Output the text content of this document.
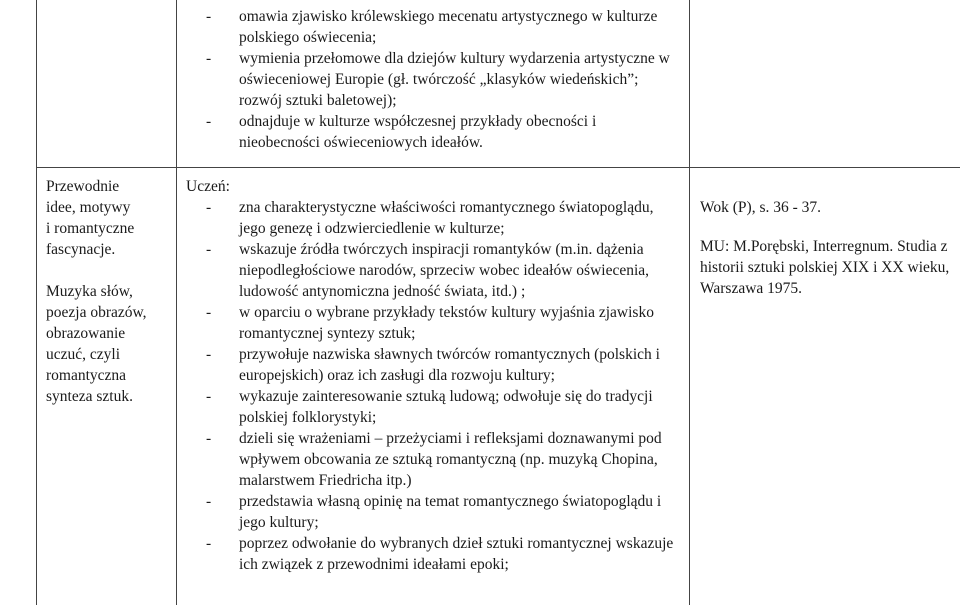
- omawia zjawisko królewskiego mecenatu artystycznego w kulturze polskiego oświecenia;
- wymienia przełomowe dla dziejów kultury wydarzenia artystyczne w oświeceniowej Europie (gł. twórczość „klasyków wiedeńskich”; rozwój sztuki baletowej);
- odnajduje w kulturze współczesnej przykłady obecności i nieobecności oświeceniowych ideałów.

Przewodnie

idee, motywy

i romantyczne

fascynacje.

Muzyka słów,

poezja obrazów,

obrazowanie

uczuć, czyli

romantyczna

synteza sztuk.

Uczeń:
- zna charakterystyczne właściwości romantycznego światopoglądu, jego genezę i odzwierciedlenie w kulturze;
- wskazuje źródła twórczych inspiracji romantyków (m.in. dążenia niepodległościowe narodów, sprzeciw wobec ideałów oświecenia, ludowość antynomiczna jedność świata, itd.) ;
- w oparciu o wybrane przykłady tekstów kultury wyjaśnia zjawisko romantycznej syntezy sztuk;
- przywołuje nazwiska sławnych twórców romantycznych (polskich i europejskich) oraz ich zasługi dla rozwoju kultury;
- wykazuje zainteresowanie sztuką ludową; odwołuje się do tradycji polskiej folklorystyki;
- dzieli się wrażeniami – przeżyciami i refleksjami doznawanymi pod wpływem obcowania ze sztuką romantyczną (np. muzyką Chopina, malarstwem Friedricha itp.)
- przedstawia własną opinię na temat romantycznego światopoglądu i jego kultury;
- poprzez odwołanie do wybranych dzieł sztuki romantycznej wskazuje ich związek z przewodnimi ideałami epoki;
Wok (P), s. 36 - 37.
MU: M.Porębski, Interregnum. Studia z historii sztuki polskiej XIX i XX wieku, Warszawa 1975.
